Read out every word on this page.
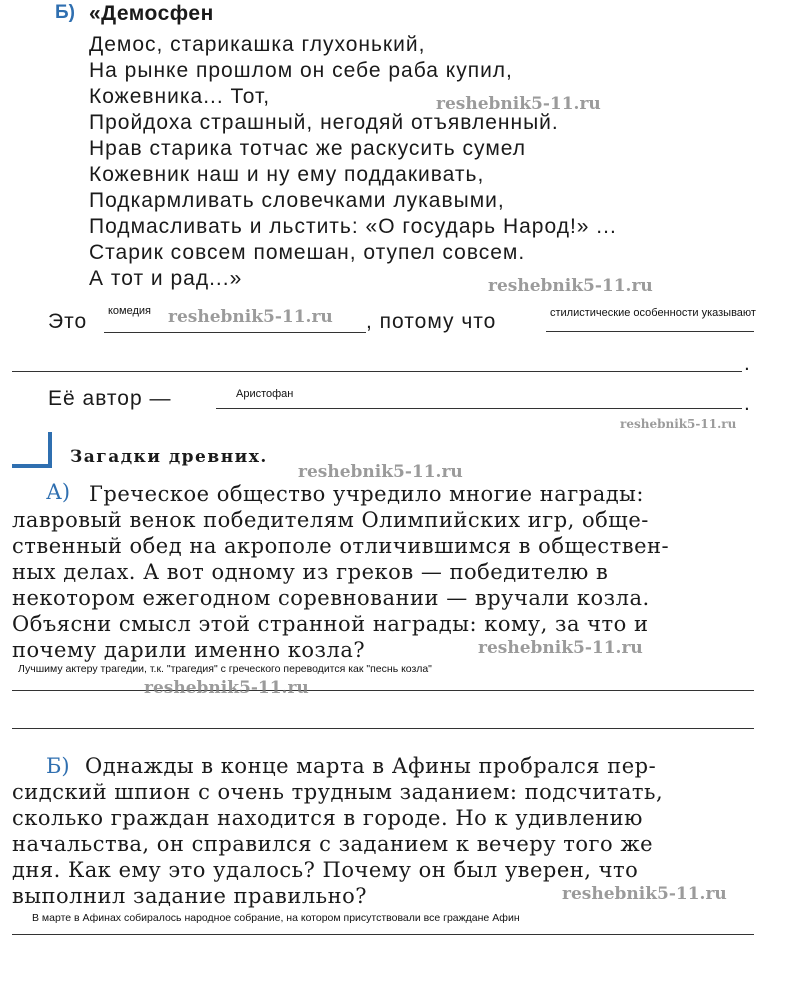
Б) «Демосфен
Демос, старикашка глухонький,
На рынке прошлом он себе раба купил,
Кожевника... Тот,
Пройдоха страшный, негодяй отъявленный.
Нрав старика тотчас же раскусить сумел
Кожевник наш и ну ему поддакивать,
Подкармливать словечками лукавыми,
Подмасливать и льстить: «О государь Народ!» ...
Старик совсем помешан, отупел совсем.
А тот и рад...»
Это комедия	, потому что	стилистические особенности указывают
.
Её автор —	Аристофан	.
Загадки древних.
А) Греческое общество учредило многие награды:
лавровый венок победителям Олимпийских игр, обще-
ственный обед на акрополе отличившимся в обществен-
ных делах. А вот одному из греков — победителю в
некотором ежегодном соревновании — вручали козла.
Объясни смысл этой странной награды: кому, за что и
почему дарили именно козла?
Лучшиму актеру трагедии, т.к. "трагедия" с греческого переводится как "песнь козла"
Б) Однажды в конце марта в Афины пробрался пер-
сидский шпион с очень трудным заданием: подсчитать,
сколько граждан находится в городе. Но к удивлению
начальства, он справился с заданием к вечеру того же
дня. Как ему это удалось? Почему он был уверен, что
выполнил задание правильно?
В марте в Афинах собиралось народное собрание, на котором присутствовали все граждане Афин
reshebnik5-11.ru
reshebnik5-11.ru
reshebnik5-11.ru
reshebnik5-11.ru
reshebnik5-11.ru
reshebnik5-11.ru
reshebnik5-11.ru
reshebnik5-11.ru
